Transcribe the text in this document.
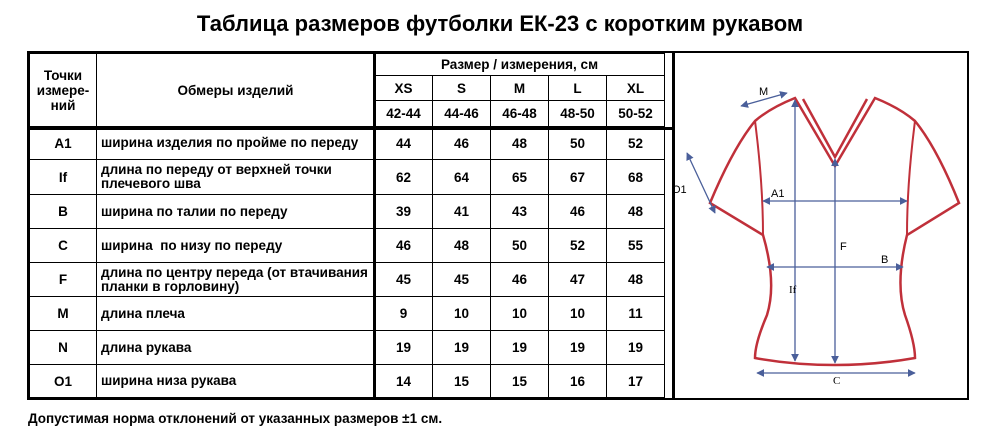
Таблица размеров футболки ЕК-23 с коротким рукавом
Точки измере-ний	Обмеры изделий	Размер / измерения, см				
		XS	S	M	L	XL
		42-44	44-46	46-48	48-50	50-52
A1	ширина изделия по пройме по переду	44	46	48	50	52
If	длина по переду от верхней точки плечевого шва	62	64	65	67	68
B	ширина по талии по переду	39	41	43	46	48
C	ширина  по низу по переду	46	48	50	52	55
F	длина по центру переда (от втачивания планки в горловину)	45	45	46	47	48
M	длина плеча	9	10	10	10	11
N	длина рукава	19	19	19	19	19
O1	ширина низа рукава	14	15	15	16	17
M
O1	A1
F
B
If
C
Допустимая норма отклонений от указанных размеров ±1 см.
